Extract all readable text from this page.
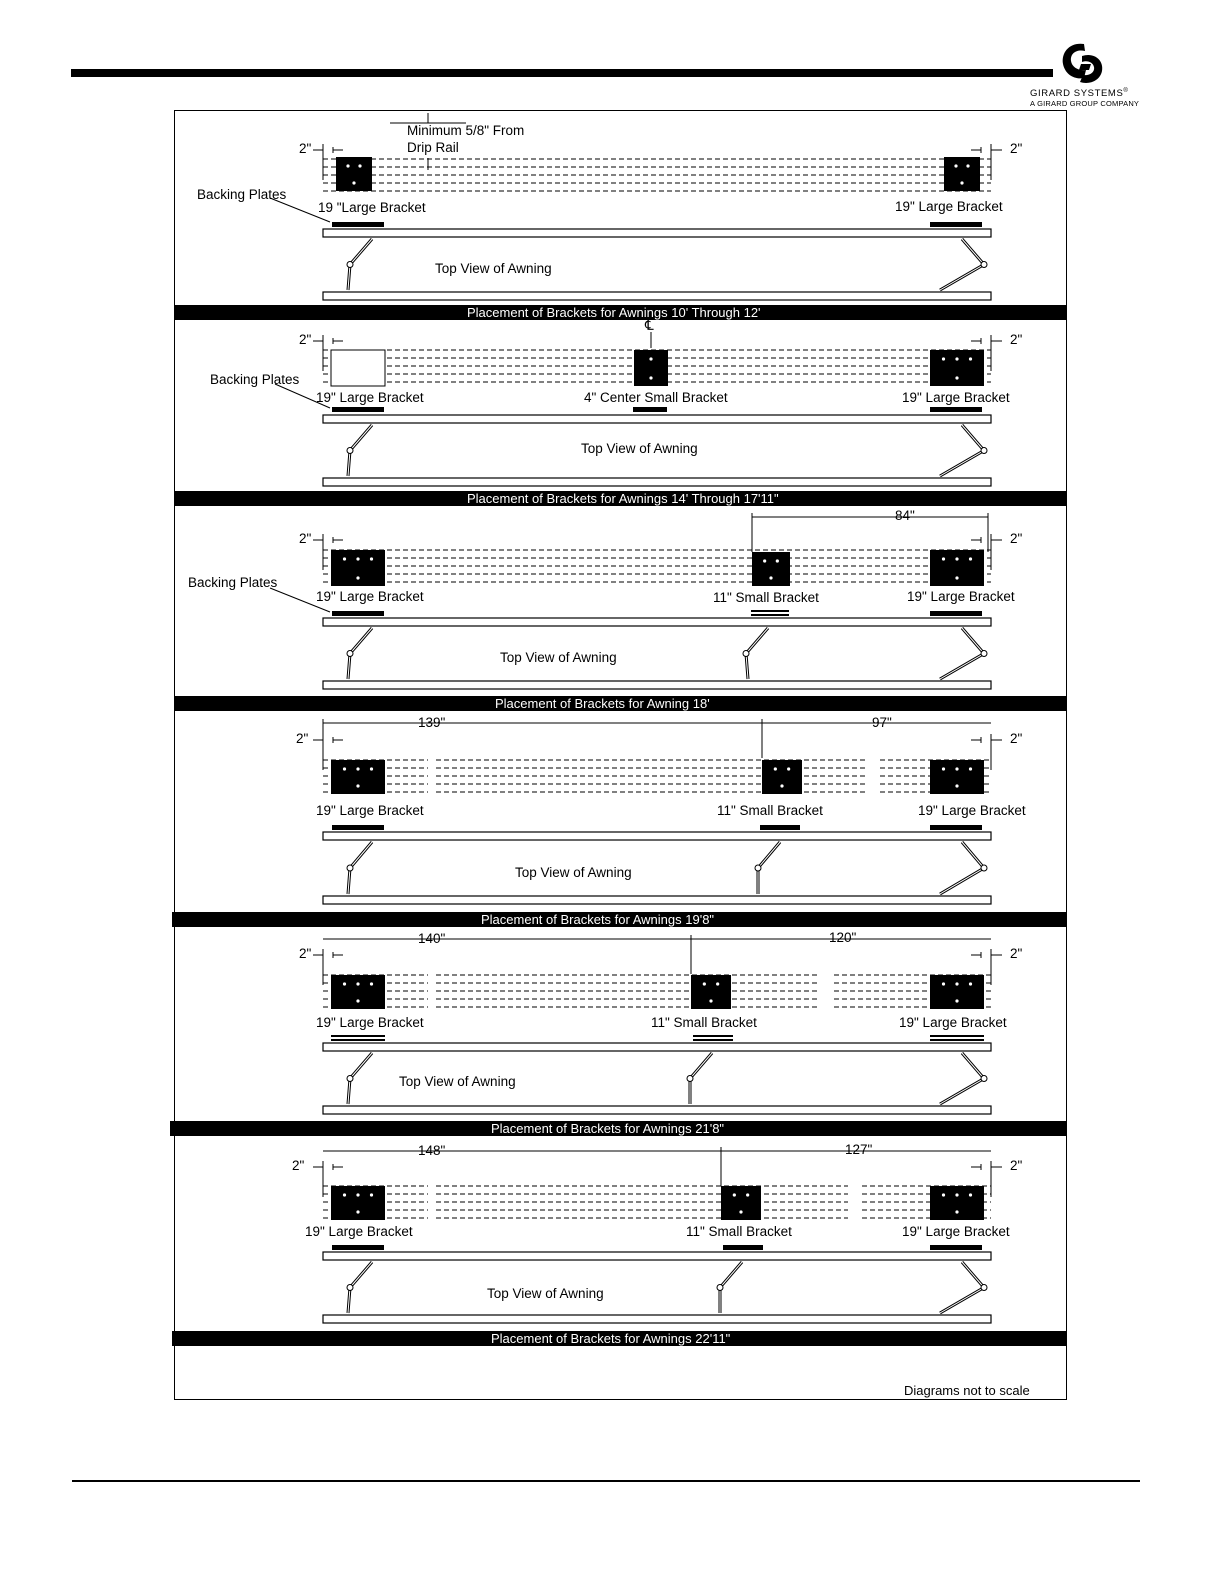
GIRARD SYSTEMS®
A GIRARD GROUP COMPANY
2"	2"
Minimum 5/8" From
Drip Rail
Backing Plates
19 "Large Bracket	19" Large Bracket
Top View of Awning
Placement of Brackets for Awnings 10' Through 12'
2"	2"
℄
Backing Plates
19" Large Bracket	4" Center Small Bracket	19" Large Bracket
Top View of Awning
Placement of Brackets for Awnings 14' Through 17'11"
84"
2"	2"
Backing Plates
19" Large Bracket	11" Small Bracket	19" Large Bracket
Top View of Awning
Placement of Brackets for Awning 18'
139"	97"
2"	2"
19" Large Bracket	11" Small Bracket	19" Large Bracket
Top View of Awning
Placement of Brackets for Awnings 19'8"
140"	120"
2"	2"
19" Large Bracket	11" Small Bracket	19" Large Bracket
Top View of Awning
Placement of Brackets for Awnings 21'8"
148"	127"
2"	2"
19" Large Bracket	11" Small Bracket	19" Large Bracket
Top View of Awning
Placement of Brackets for Awnings 22'11"
Diagrams not to scale
